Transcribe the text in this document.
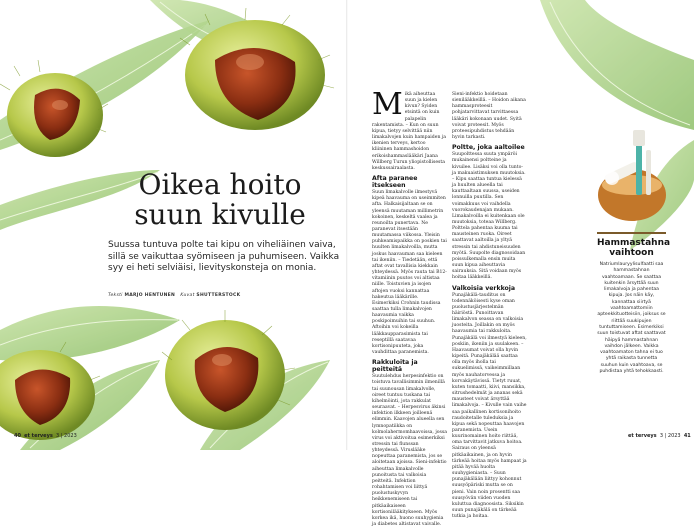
Oikea hoito
suun kivulle

Suussa tuntuva polte tai kipu on viheliäinen vaiva, sillä se vaikuttaa syömiseen ja puhumiseen. Vaikka syy ei heti selviäisi, lievityskonsteja on monia.

Teksti MARJO HENTUNEN Kuvat SHUTTERSTOCK

Mikä aiheuttaa suun ja kielen kivun? Syiden etsintä on kuin palapelin rakentamista. – Kun on suun kipua, tietyy selvittää niin limakalvojen kuin hampaiden ja ikenien terveys, kertoo kliininen hammashoidon erikoishammaslääkäri Jaana Willberg Turun yliopistollisesta keskussairaalasta.

Afta paranee itsekseen

Suun limakalvolle ilmestyvä kipeä haavauma on useimmiten afta. Halkaisijaltaan se on yleensä muutaman millimetrin kokoinen, keskeltä vaalea ja reunoilta punertava. Ne paranevat itsestään muutamassa viikossa. Yleisin puhkeamispaikka on poskien tai huulten limakalvoilla, mutta joskus haavauman saa kieleen tai ikeniin. – Tiedetään, että aftat ovat tavallisia kiekkain yhteydessä. Myös rauta tai B12-vitamiinin puutos voi altistaa niille. Toistuvien ja isojen aftojen vuoksi kannattaa hakeutua lääkärille. Esimerkiksi Crohnin taudissa saattaa tulla limakalvojen haavaumia vaikka poskipoimuihin tai suuhun. Aftoihin voi kokeilla lääkkaupparasimista tai reseptillä saatavaa kortisonipuuteta, joka vauhdittaa paranemista.

Rakkuloita ja peitteitä

Suutulehdus herpesinfektio on toistuva tavallisimmin ilmenillä tai suunousan limakalvolle, oireet tuntuu tuskana tai kihelmöinti, jota rakkulat seuraavat. – Herpesvirus äkinsi infektion ilkkeen joilleenä elimmin. Kaavojen alueella sen lymnopatiikka on kolmolahermomhaavoissa, jossa virus voi aktivoitua esimerkiksi stressin tai flunssan yhteydessä. Viruslääke nopeuttaa paranemista, jos se aloitetaan ajoissa. Sieni-infektio aiheuttaa limakalvolle punoitusta tai valkoisia peitteitä. Infektion rohahtamisen voi liittyä puolustuskyvyn heikkenemiseen tai pitkäaikaiseen kortisonilääkitykseen. Myös korkea ikä, huono suuhygienia ja diabetes altistavat vaivalle.

Sieni-infektio hoidetaan sienilääkkeillä. – Hoidon aikana hammasproteesit pohjatarvittavat tarvittaessa lääkäri kokonaan uudet. Syitä voivat proteesit. Myös proteesipuhdistus tehdään hyvin tarkasti.

Poltte, joka aaltoilee

Suupolttessa suuta ympäröi mukainensi poltteine ja kivuilee. Lisäksi voi olla tunto- ja makuaistimuksen muutoksia. – Kipu saattaa tuntua kielessä ja huulten alueella tai kauttaaltaan suussa, useiden lonnuilla puutilla. Sen voimakkuus voi vaihdella vuorokaudenajan mukaan. Limakalvoilla ei kuitenkaan ole muutoksia, toteaa Willberg. Polttela pahentaa kuuma tai mausteinen ruoka. Oireet saattavat aaltoilla ja yltyä stressin tai ahdistuneisuuden myötä. Suupolte diagnosoidaan poissulkemalla ensin muita suun kipua aiheuttavia sairauksia. Sitä voidaan myös hoitaa lääkkeillä.

Valkoisia verkkoja

Punajäkälä-tauditus on todennäköisesti kyse oman puolustusjärjestelmän häiriöstä. Punoittavan limakalvon seassa on valkoisia juosteita. Joillakin on myös haavaumia tai rakkuloita. Punajäkälä voi ilmestyä kieleen, poskiin, ikeniin ja suulakeen. – Haavaumat voivat olla hyvin kipeitä. Punajäkälää saattaa olla myös iholla tai sukuelimissä, vaikeimmillaan myös nauhatorvessa ja korvakäytävissä. Tietyt ruuat, kuten tomaatti, kiivi, mansikka, sitrushedelmät ja ananas sekä mausteet voivat ärsyttää limakalvoja. – Kivulle vain vaihe saa paikallinen kortisonihoito raudoitetalle tuleduksia ja kipua sekä nopeuttaa haavojen paranemista. Usein kuurinomainen hoito riittää, oma tarvittavit jatkuva hoitoa. Sairaus on yleensä pitkäaikainen, ja on hyvin tärkeää hoitaa myös hampaat ja pitää hyvää huolta suuhygieniasta. – Suun punajäkälään liittyy kohonnut suusyöpäriski mutta se on pieni. Vain noin prosentti saa suusyövän viiden vuoden kuluttua diagnoosista. Siksikin suun punajäkälä on tärkeää tutkia ja hoitaa.

Hammastahna vaihtoon

Natriumlauryylisulfaatti saa hammastahnan vaahtoamaan. Se saattaa kuitenkin ärsyttää suun limakalvoja ja pahentaa kipuja. Jos näin käy, kannattaa siirtyä vaahtoamattomiin apteekkituotteisiin, joiksus se riittää suukipujen tuntuttamiseen. Esimerkiksi suun toistuvat aftat saattavat häipyä hammastahnan vaihdon jälkeen. Vaikka vaahtoamaton tahna ei tuo yhtä raikasta tunnetta suuhun kuin vaahtoava, se puhdistaa yhtä tehokkaasti.

40 et terveys 3 | 2023	et terveys 3 | 2023 41
